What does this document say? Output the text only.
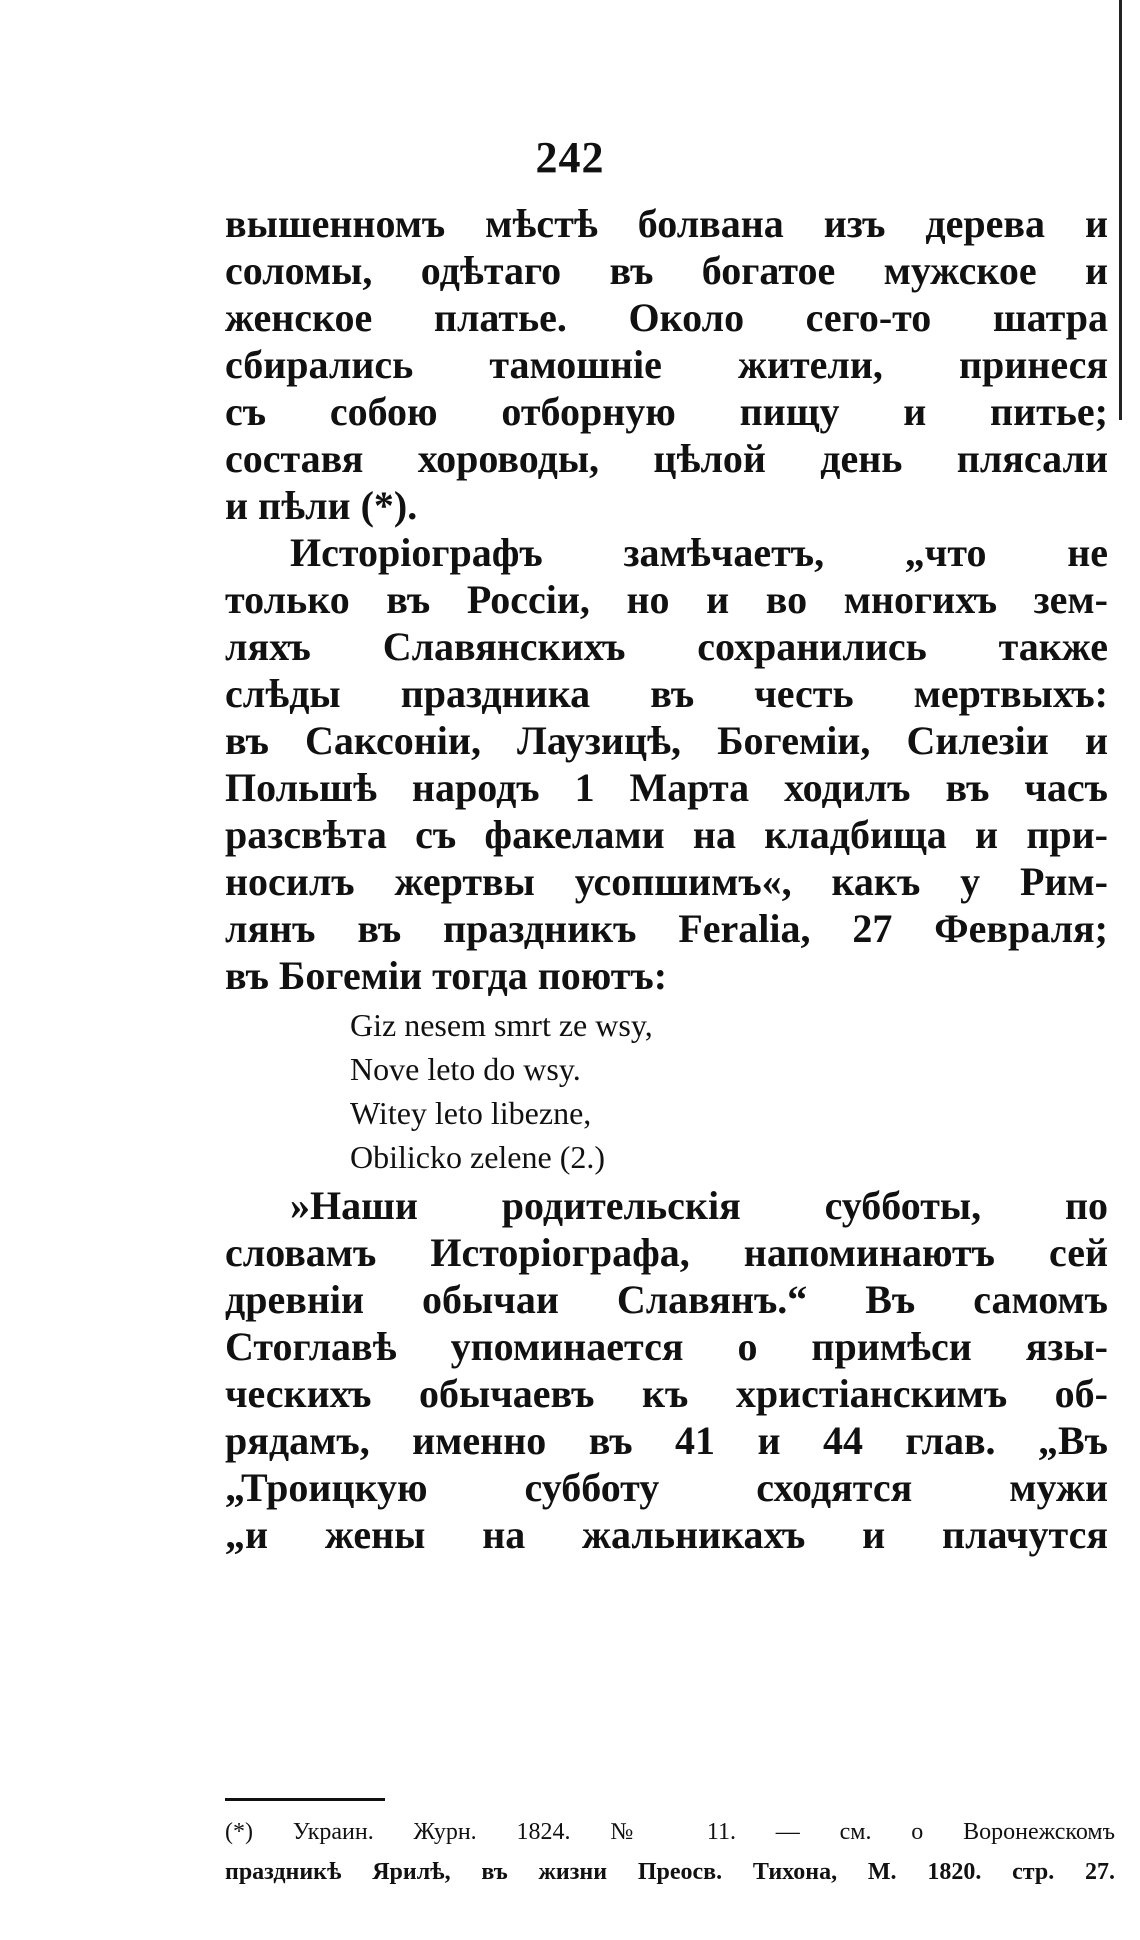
242
вышенномъ мѣстѣ болвана изъ дерева и
соломы, одѣтаго въ богатое мужское и
женское платье. Около сего-то шатра
сбирались тамошніе жители, принеся
съ собою отборную пищу и питье;
составя хороводы, цѣлой день плясали
и пѣли (*).
Исторіографъ замѣчаетъ, „что не
только въ Россіи, но и во многихъ зем-
ляхъ Славянскихъ сохранились также
слѣды праздника въ честь мертвыхъ:
въ Саксоніи, Лаузицѣ, Богеміи, Силезіи и
Польшѣ народъ 1 Марта ходилъ въ часъ
разсвѣта съ факелами на кладбища и при-
носилъ жертвы усопшимъ«, какъ у Рим-
лянъ въ праздникъ Feralia, 27 Февраля;
въ Богеміи тогда поютъ:
Giz nesem smrt ze wsy,
Nove leto do wsy.
Witey leto libezne,
Obilicko zelene (2.)
»Наши родительскія субботы, по
словамъ Исторіографа, напоминаютъ сей
древніи обычаи Славянъ.“ Въ самомъ
Стоглавѣ упоминается о примѣси язы-
ческихъ обычаевъ къ христіанскимъ об-
рядамъ, именно въ 41 и 44 глав. „Въ
„Троицкую субботу сходятся мужи
„и жены на жальникахъ и плачутся
(*) Украин. Журн. 1824. № 11. — см. о Воронежскомъ
праздникѣ Ярилѣ, въ жизни Преосв. Тихона, М. 1820. стр. 27.
